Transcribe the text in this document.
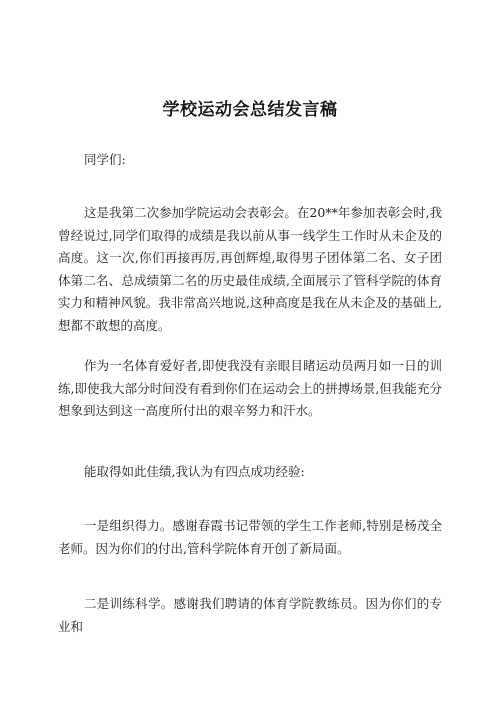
学校运动会总结发言稿

同学们:

这是我第二次参加学院运动会表彰会。在20**年参加表彰会时,我曾经说过,同学们取得的成绩是我以前从事一线学生工作时从未企及的高度。这一次,你们再接再厉,再创辉煌,取得男子团体第二名、女子团体第二名、总成绩第二名的历史最佳成绩,全面展示了管科学院的体育实力和精神风貌。我非常高兴地说,这种高度是我在从未企及的基础上,想都不敢想的高度。

作为一名体育爱好者,即使我没有亲眼目睹运动员两月如一日的训练,即使我大部分时间没有看到你们在运动会上的拼搏场景,但我能充分想象到达到这一高度所付出的艰辛努力和汗水。

能取得如此佳绩,我认为有四点成功经验:

一是组织得力。感谢春霞书记带领的学生工作老师,特别是杨茂全老师。因为你们的付出,管科学院体育开创了新局面。

二是训练科学。感谢我们聘请的体育学院教练员。因为你们的专业和
